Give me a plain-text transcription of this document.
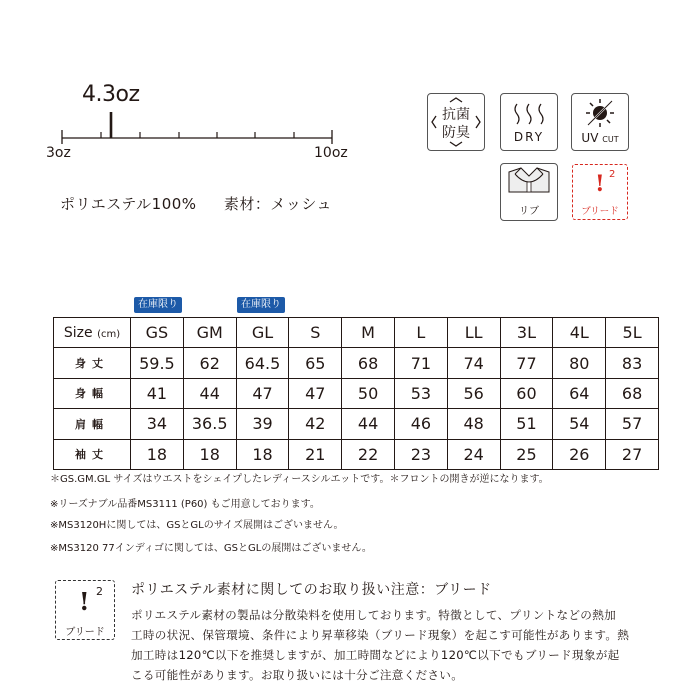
4.3oz
3oz	10oz
ポリエステル100% 素材：メッシュ
抗菌
防臭	DRY	UV CUT
リブ
! 2
ブリード
在庫限り	在庫限り
Size (cm)	GS	GM	GL	S	M	L	LL	3L	4L	5L
身丈	59.5	62	64.5	65	68	71	74	77	80	83
身幅	41	44	47	47	50	53	56	60	64	68
肩幅	34	36.5	39	42	44	46	48	51	54	57
袖丈	18	18	18	21	22	23	24	25	26	27
＊GS.GM.GL サイズはウエストをシェイプしたレディースシルエットです。＊フロントの開きが逆になります。
※リーズナブル品番MS3111 (P60) もご用意しております。
※MS3120Hに関しては、GSとGLのサイズ展開はございません。
※MS3120 77インディゴに関しては、GSとGLの展開はございません。
! 2
ブリード
ポリエステル素材に関してのお取り扱い注意：ブリード
ポリエステル素材の製品は分散染料を使用しております。特徴として、プリントなどの熱加
工時の状況、保管環境、条件により昇華移染（ブリード現象）を起こす可能性があります。熱
加工時は120℃以下を推奨しますが、加工時間などにより120℃以下でもブリード現象が起
こる可能性があります。お取り扱いには十分ご注意ください。
